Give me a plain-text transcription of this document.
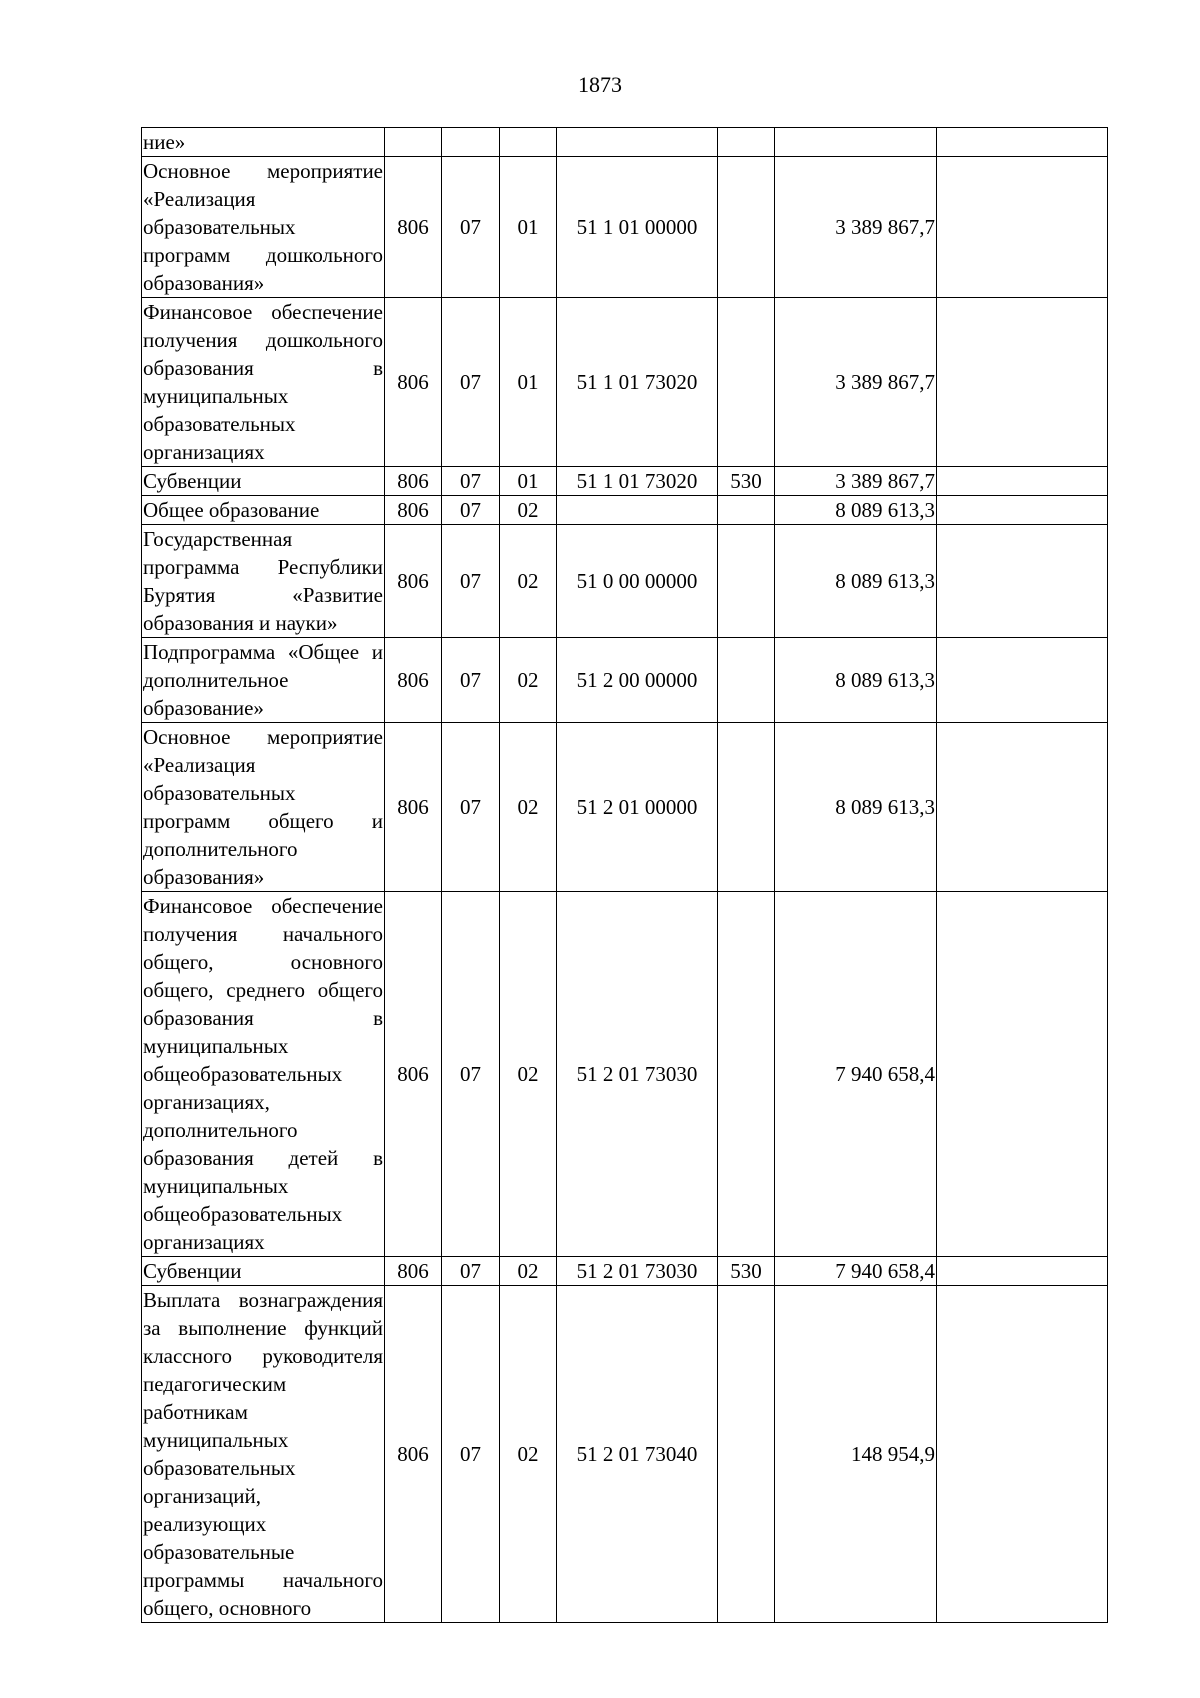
1873
ние»							
Основное мероприятие «Реализация образовательных программ дошкольного образования»	806	07	01	51 1 01 00000		3 389 867,7	
Финансовое обеспечение получения дошкольного образования в муниципальных образовательных организациях	806	07	01	51 1 01 73020		3 389 867,7	
Субвенции	806	07	01	51 1 01 73020	530	3 389 867,7	
Общее образование	806	07	02			8 089 613,3	
Государственная программа Республики Бурятия «Развитие образования и науки»	806	07	02	51 0 00 00000		8 089 613,3	
Подпрограмма «Общее и дополнительное образование»	806	07	02	51 2 00 00000		8 089 613,3	
Основное мероприятие «Реализация образовательных программ общего и дополнительного образования»	806	07	02	51 2 01 00000		8 089 613,3	
Финансовое обеспечение получения начального общего, основного общего, среднего общего образования в муниципальных общеобразовательных организациях, дополнительного образования детей в муниципальных общеобразовательных организациях	806	07	02	51 2 01 73030		7 940 658,4	
Субвенции	806	07	02	51 2 01 73030	530	7 940 658,4	
Выплата вознаграждения за выполнение функций классного руководителя педагогическим работникам муниципальных образовательных организаций, реализующих образовательные программы начального общего, основного	806	07	02	51 2 01 73040		148 954,9	
